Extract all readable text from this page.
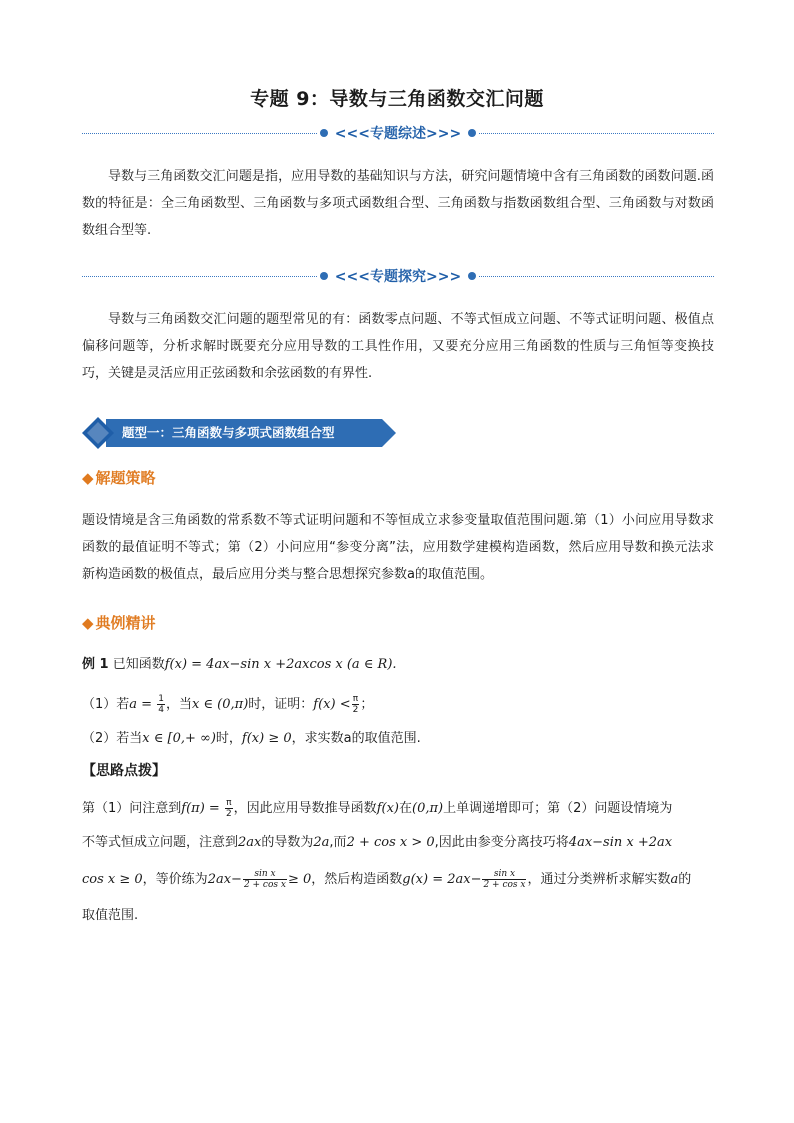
专题 9：导数与三角函数交汇问题
<<<专题综述>>>
导数与三角函数交汇问题是指，应用导数的基础知识与方法，研究问题情境中含有三角函数的函数问题.函数的特征是：全三角函数型、三角函数与多项式函数组合型、三角函数与指数函数组合型、三角函数与对数函数组合型等.
<<<专题探究>>>
导数与三角函数交汇问题的题型常见的有：函数零点问题、不等式恒成立问题、不等式证明问题、极值点偏移问题等，分析求解时既要充分应用导数的工具性作用，又要充分应用三角函数的性质与三角恒等变换技巧，关键是灵活应用正弦函数和余弦函数的有界性.
题型一：三角函数与多项式函数组合型
◆ 解题策略
题设情境是含三角函数的常系数不等式证明问题和不等恒成立求参变量取值范围问题.第（1）小问应用导数求函数的最值证明不等式；第（2）小问应用“参变分离”法，应用数学建模构造函数，然后应用导数和换元法求新构造函数的极值点，最后应用分类与整合思想探究参数a的取值范围。
◆ 典例精讲
例 1 已知函数f(x) = 4ax−sin x +2axcos x (a ∈ R).
（1）若$a = \frac{1}{4}$ ，当x ∈ (0,π)时，证明：$f(x) < \frac{\pi}{2}$ ；
（2）若当x ∈ [0,+ ∞)时，f(x) ≥ 0，求实数a的取值范围.
【思路点拨】
第（1）问注意到$f(\pi) = \frac{\pi}{2}$ ，因此应用导数推导函数f(x)在(0,π)上单调递增即可；第（2）问题设情境为
不等式恒成立问题，注意到2ax的导数为2a,而2 + cos x > 0,因此由参变分离技巧将4ax−sin x +2ax
cos x ≥ 0，等价练为$2ax- \frac{\text{sin x}}{\text{2 + cos x}} \ge 0$，然后构造函数$g(x) = 2ax- \frac{\text{sin x}}{\text{2 + cos x}}$ ，通过分类辨析求解实数a的
取值范围.
